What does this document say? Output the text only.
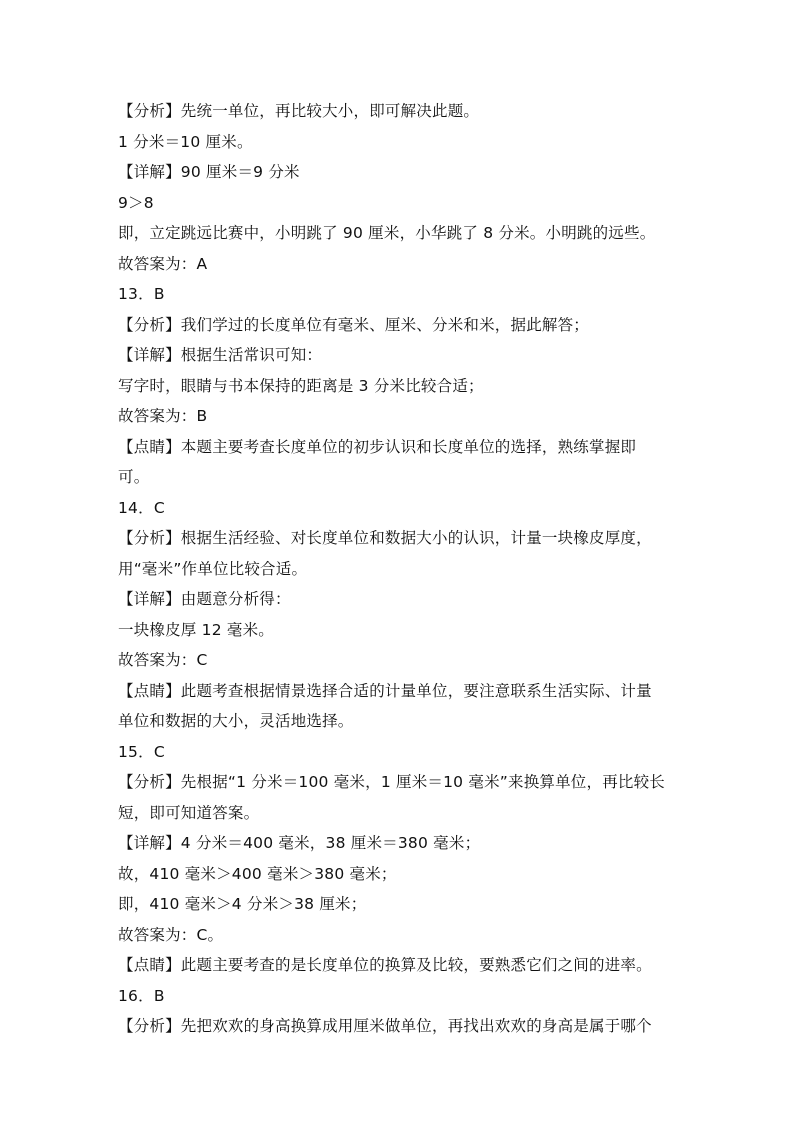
【分析】先统一单位，再比较大小，即可解决此题。
1 分米＝10 厘米。
【详解】90 厘米＝9 分米
9＞8
即，立定跳远比赛中，小明跳了 90 厘米，小华跳了 8 分米。小明跳的远些。
故答案为：A
13．B
【分析】我们学过的长度单位有毫米、厘米、分米和米，据此解答；
【详解】根据生活常识可知：
写字时，眼睛与书本保持的距离是 3 分米比较合适；
故答案为：B
【点睛】本题主要考查长度单位的初步认识和长度单位的选择，熟练掌握即
可。
14．C
【分析】根据生活经验、对长度单位和数据大小的认识，计量一块橡皮厚度，
用“毫米”作单位比较合适。
【详解】由题意分析得：
一块橡皮厚 12 毫米。
故答案为：C
【点睛】此题考查根据情景选择合适的计量单位，要注意联系生活实际、计量
单位和数据的大小，灵活地选择。
15．C
【分析】先根据“1 分米＝100 毫米，1 厘米＝10 毫米”来换算单位，再比较长
短，即可知道答案。
【详解】4 分米＝400 毫米，38 厘米＝380 毫米；
故，410 毫米＞400 毫米＞380 毫米；
即，410 毫米＞4 分米＞38 厘米；
故答案为：C。
【点睛】此题主要考查的是长度单位的换算及比较，要熟悉它们之间的进率。
16．B
【分析】先把欢欢的身高换算成用厘米做单位，再找出欢欢的身高是属于哪个
